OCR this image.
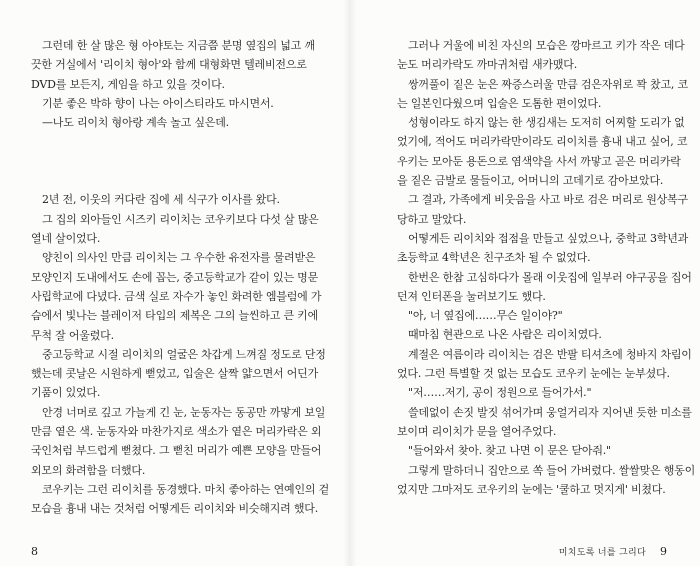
그런데 한 살 많은 형 아야토는 지금쯤 분명 옆집의 넓고 깨
끗한 거실에서 '리이치 형아'와 함께 대형화면 텔레비전으로
DVD를 보든지, 게임을 하고 있을 것이다.
기분 좋은 박하 향이 나는 아이스티라도 마시면서.
—나도 리이치 형아랑 계속 놀고 싶은데.
2년 전, 이웃의 커다란 집에 세 식구가 이사를 왔다.
그 집의 외아들인 시즈키 리이치는 코우키보다 다섯 살 많은
열네 살이었다.
양친이 의사인 만큼 리이치는 그 우수한 유전자를 물려받은
모양인지 도내에서도 손에 꼽는, 중고등학교가 같이 있는 명문
사립학교에 다녔다. 금색 실로 자수가 놓인 화려한 엠블럼에 가
슴에서 빛나는 블레이저 타입의 제복은 그의 늘씬하고 큰 키에
무척 잘 어울렸다.
중고등학교 시절 리이치의 얼굴은 차갑게 느껴질 정도로 단정
했는데 콧날은 시원하게 뻗었고, 입술은 살짝 얇으면서 어딘가
기품이 있었다.
안경 너머로 깊고 가늘게 긴 눈, 눈동자는 동공만 까맣게 보일
만큼 옅은 색. 눈동자와 마찬가지로 색소가 옅은 머리카락은 외
국인처럼 부드럽게 뻗쳤다. 그 뻗친 머리가 예쁜 모양을 만들어
외모의 화려함을 더했다.
코우키는 그런 리이치를 동경했다. 마치 좋아하는 연예인의 겉
모습을 흉내 내는 것처럼 어떻게든 리이치와 비슷해지려 했다.
8
그러나 거울에 비친 자신의 모습은 깡마르고 키가 작은 데다
눈도 머리카락도 까마귀처럼 새카맸다.
쌍꺼풀이 짙은 눈은 짜증스러울 만큼 검은자위로 꽉 찼고, 코
는 일본인다웠으며 입술은 도톰한 편이었다.
성형이라도 하지 않는 한 생김새는 도저히 어찌할 도리가 없
었기에, 적어도 머리카락만이라도 리이치를 흉내 내고 싶어, 코
우키는 모아둔 용돈으로 염색약을 사서 까맣고 곧은 머리카락
을 짙은 금발로 물들이고, 어머니의 고데기로 감아보았다.
그 결과, 가족에게 비웃음을 사고 바로 검은 머리로 원상복구
당하고 말았다.
어떻게든 리이치와 접점을 만들고 싶었으나, 중학교 3학년과
초등학교 4학년은 친구조차 될 수 없었다.
한번은 한참 고심하다가 몰래 이웃집에 일부러 야구공을 집어
던져 인터폰을 눌러보기도 했다.
"아, 너 옆집에……무슨 일이야?"
때마침 현관으로 나온 사람은 리이치였다.
계절은 여름이라 리이치는 검은 반팔 티셔츠에 청바지 차림이
었다. 그런 특별할 것 없는 모습도 코우키 눈에는 눈부셨다.
"저……저기, 공이 정원으로 들어가서."
쓸데없이 손짓 발짓 섞어가며 웅얼거리자 지어낸 듯한 미소를
보이며 리이치가 문을 열어주었다.
"들어와서 찾아. 찾고 나면 이 문은 닫아줘."
그렇게 말하더니 집안으로 쏙 들어 가버렸다. 쌀쌀맞은 행동이
었지만 그마저도 코우키의 눈에는 '쿨하고 멋지게' 비쳤다.
미치도록 너를 그리다 9
